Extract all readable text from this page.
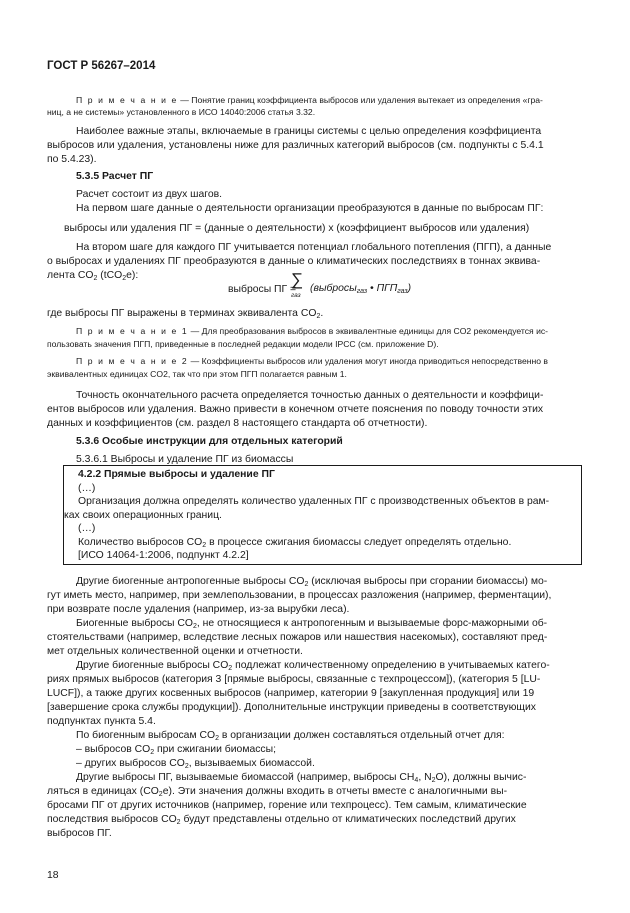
ГОСТ Р 56267–2014
П р и м е ч а н и е — Понятие границ коэффициента выбросов или удаления вытекает из определения «гра-
ниц, а не системы» установленного в ИСО 14040:2006 статья 3.32.
Наиболее важные этапы, включаемые в границы системы с целью определения коэффициента
выбросов или удаления, установлены ниже для различных категорий выбросов (см. подпункты с 5.4.1
по 5.4.23).
5.3.5 Расчет ПГ
Расчет состоит из двух шагов.
На первом шаге данные о деятельности организации преобразуются в данные по выбросам ПГ:
выбросы или удаления ПГ = (данные о деятельности) x (коэффициент выбросов или удаления)
На втором шаге для каждого ПГ учитывается потенциал глобального потепления (ПГП), а данные
о выбросах и удалениях ПГ преобразуются в данные о климатических последствиях в тоннах эквива-
лента $CO_2$ (tCO$_2$e):
выбросы ПГ =
∑
газ
(выбросы$_{газ}$ • $ПГП_{газ}$)
где выбросы ПГ выражены в терминах эквивалента $CO_2$.
П р и м е ч а н и е 1 — Для преобразования выбросов в эквивалентные единицы для CO2 рекомендуется ис-
пользовать значения ПГП, приведенные в последней редакции модели IPCC (см. приложение D).
П р и м е ч а н и е 2 — Коэффициенты выбросов или удаления могут иногда приводиться непосредственно в
эквивалентных единицах CO2, так что при этом ПГП полагается равным 1.
Точность окончательного расчета определяется точностью данных о деятельности и коэффици-
ентов выбросов или удаления. Важно привести в конечном отчете пояснения по поводу точности этих
данных и коэффициентов (см. раздел 8 настоящего стандарта об отчетности).
5.3.6 Особые инструкции для отдельных категорий
5.3.6.1 Выбросы и удаление ПГ из биомассы
4.2.2 Прямые выбросы и удаление ПГ
(…)
Организация должна определять количество удаленных ПГ с производственных объектов в рам-
ках своих операционных границ.
(…)
Количество выбросов $CO_2$ в процессе сжигания биомассы следует определять отдельно.
[ИСО 14064-1:2006, подпункт 4.2.2]
Другие биогенные антропогенные выбросы $CO_2$ (исключая выбросы при сгорании биомассы) мо-
гут иметь место, например, при землепользовании, в процессах разложения (например, ферментации),
при возврате после удаления (например, из-за вырубки леса).
Биогенные выбросы $CO_2$, не относящиеся к антропогенным и вызываемые форс-мажорными об-
стоятельствами (например, вследствие лесных пожаров или нашествия насекомых), составляют пред-
мет отдельных количественной оценки и отчетности.
Другие биогенные выбросы $CO_2$ подлежат количественному определению в учитываемых катего-
риях прямых выбросов (категория 3 [прямые выбросы, связанные с техпроцессом]), (категория 5 [LU-
LUCF]), а также других косвенных выбросов (например, категории 9 [закупленная продукция] или 19
[завершение срока службы продукции]). Дополнительные инструкции приведены в соответствующих
подпунктах пункта 5.4.
По биогенным выбросам $CO_2$ в организации должен составляться отдельный отчет для:
– выбросов $CO_2$ при сжигании биомассы;
– других выбросов $CO_2$, вызываемых биомассой.
Другие выбросы ПГ, вызываемые биомассой (например, выбросы $CH_4$, $N_2O$), должны вычис-
ляться в единицах $(CO_2e)$. Эти значения должны входить в отчеты вместе с аналогичными вы-
бросами ПГ от других источников (например, горение или техпроцесс). Тем самым, климатические
последствия выбросов $CO_2$ будут представлены отдельно от климатических последствий других
выбросов ПГ.
18
